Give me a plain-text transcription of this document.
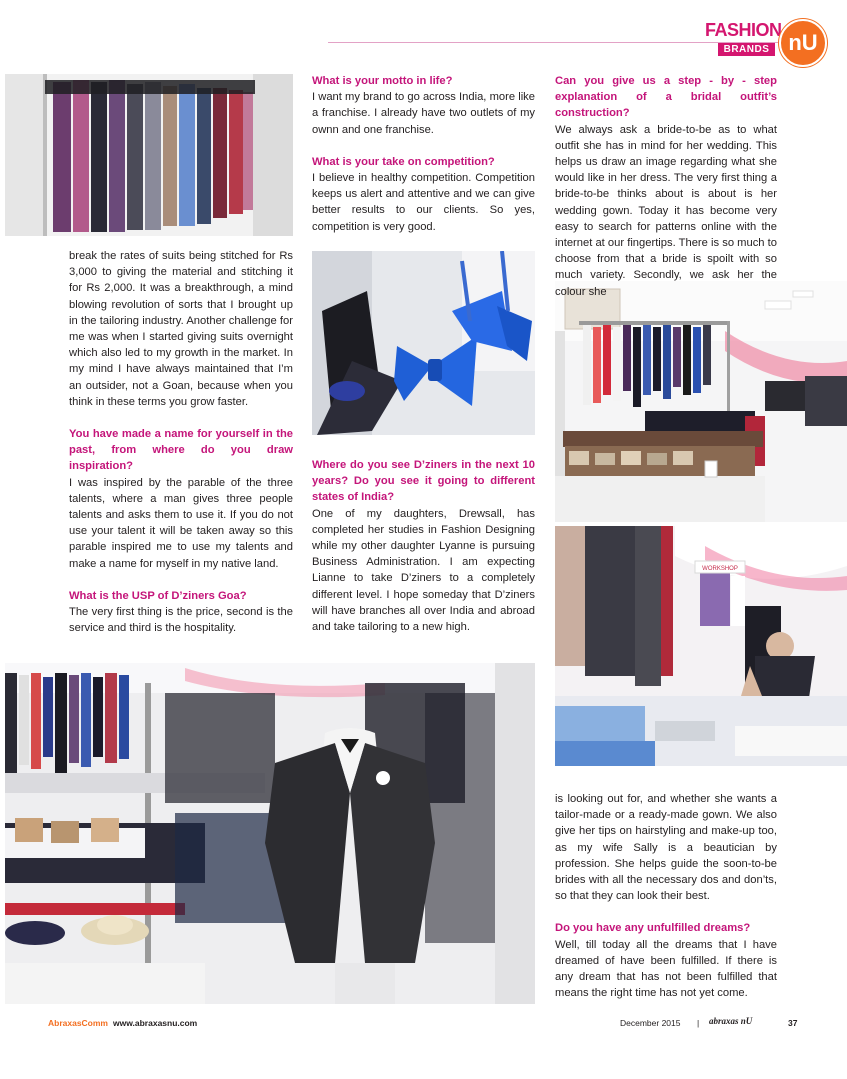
FASHION
BRANDS nU
WORKSHOP

break the rates of suits being stitched for Rs 3,000 to giving the material and stitching it for Rs 2,000. It was a breakthrough, a mind blowing revolution of sorts that I brought up in the tailoring industry. Another challenge for me was when I started giving suits overnight which also led to my growth in the market. In my mind I have always maintained that I’m an outsider, not a Goan, because when you think in these terms you grow faster.

You have made a name for yourself in the past, from where do you draw inspiration?

I was inspired by the parable of the three talents, where a man gives three people talents and asks them to use it. If you do not use your talent it will be taken away so this parable inspired me to use my talents and make a name for myself in my native land.

What is the USP of D’ziners Goa?

The very first thing is the price, second is the service and third is the hospitality.

What is your motto in life?

I want my brand to go across India, more like a franchise. I already have two outlets of my ownn and one franchise.

What is your take on competition?

I believe in healthy competition. Competition keeps us alert and attentive and we can give better results to our clients. So yes, competition is very good.

Where do you see D’ziners in the next 10 years? Do you see it going to different states of India?

One of my daughters, Drewsall, has completed her studies in Fashion Designing while my other daughter Lyanne is pursuing Business Administration. I am expecting Lianne to take D’ziners to a completely different level. I hope someday that D’ziners will have branches all over India and abroad and take tailoring to a new high.

Can you give us a step - by - step explanation of a bridal outfit’s construction?

We always ask a bride-to-be as to what outfit she has in mind for her wedding. This helps us draw an image regarding what she would like in her dress. The very first thing a bride-to-be thinks about is about is her wedding gown. Today it has become very easy to search for patterns online with the internet at our fingertips. There is so much to choose from that a bride is spoilt with so much variety. Secondly, we ask her the colour she

is looking out for, and whether she wants a tailor-made or a ready-made gown. We also give her tips on hairstyling and make-up too, as my wife Sally is a beautician by profession. She helps guide the soon-to-be brides with all the necessary dos and don’ts, so that they can look their best.

Do you have any unfulfilled dreams?

Well, till today all the dreams that I have dreamed of have been fulfilled. If there is any dream that has not been fulfilled that means the right time has not yet come.

AbraxasComm www.abraxasnu.com	December 2015 | abraxas nU	37
